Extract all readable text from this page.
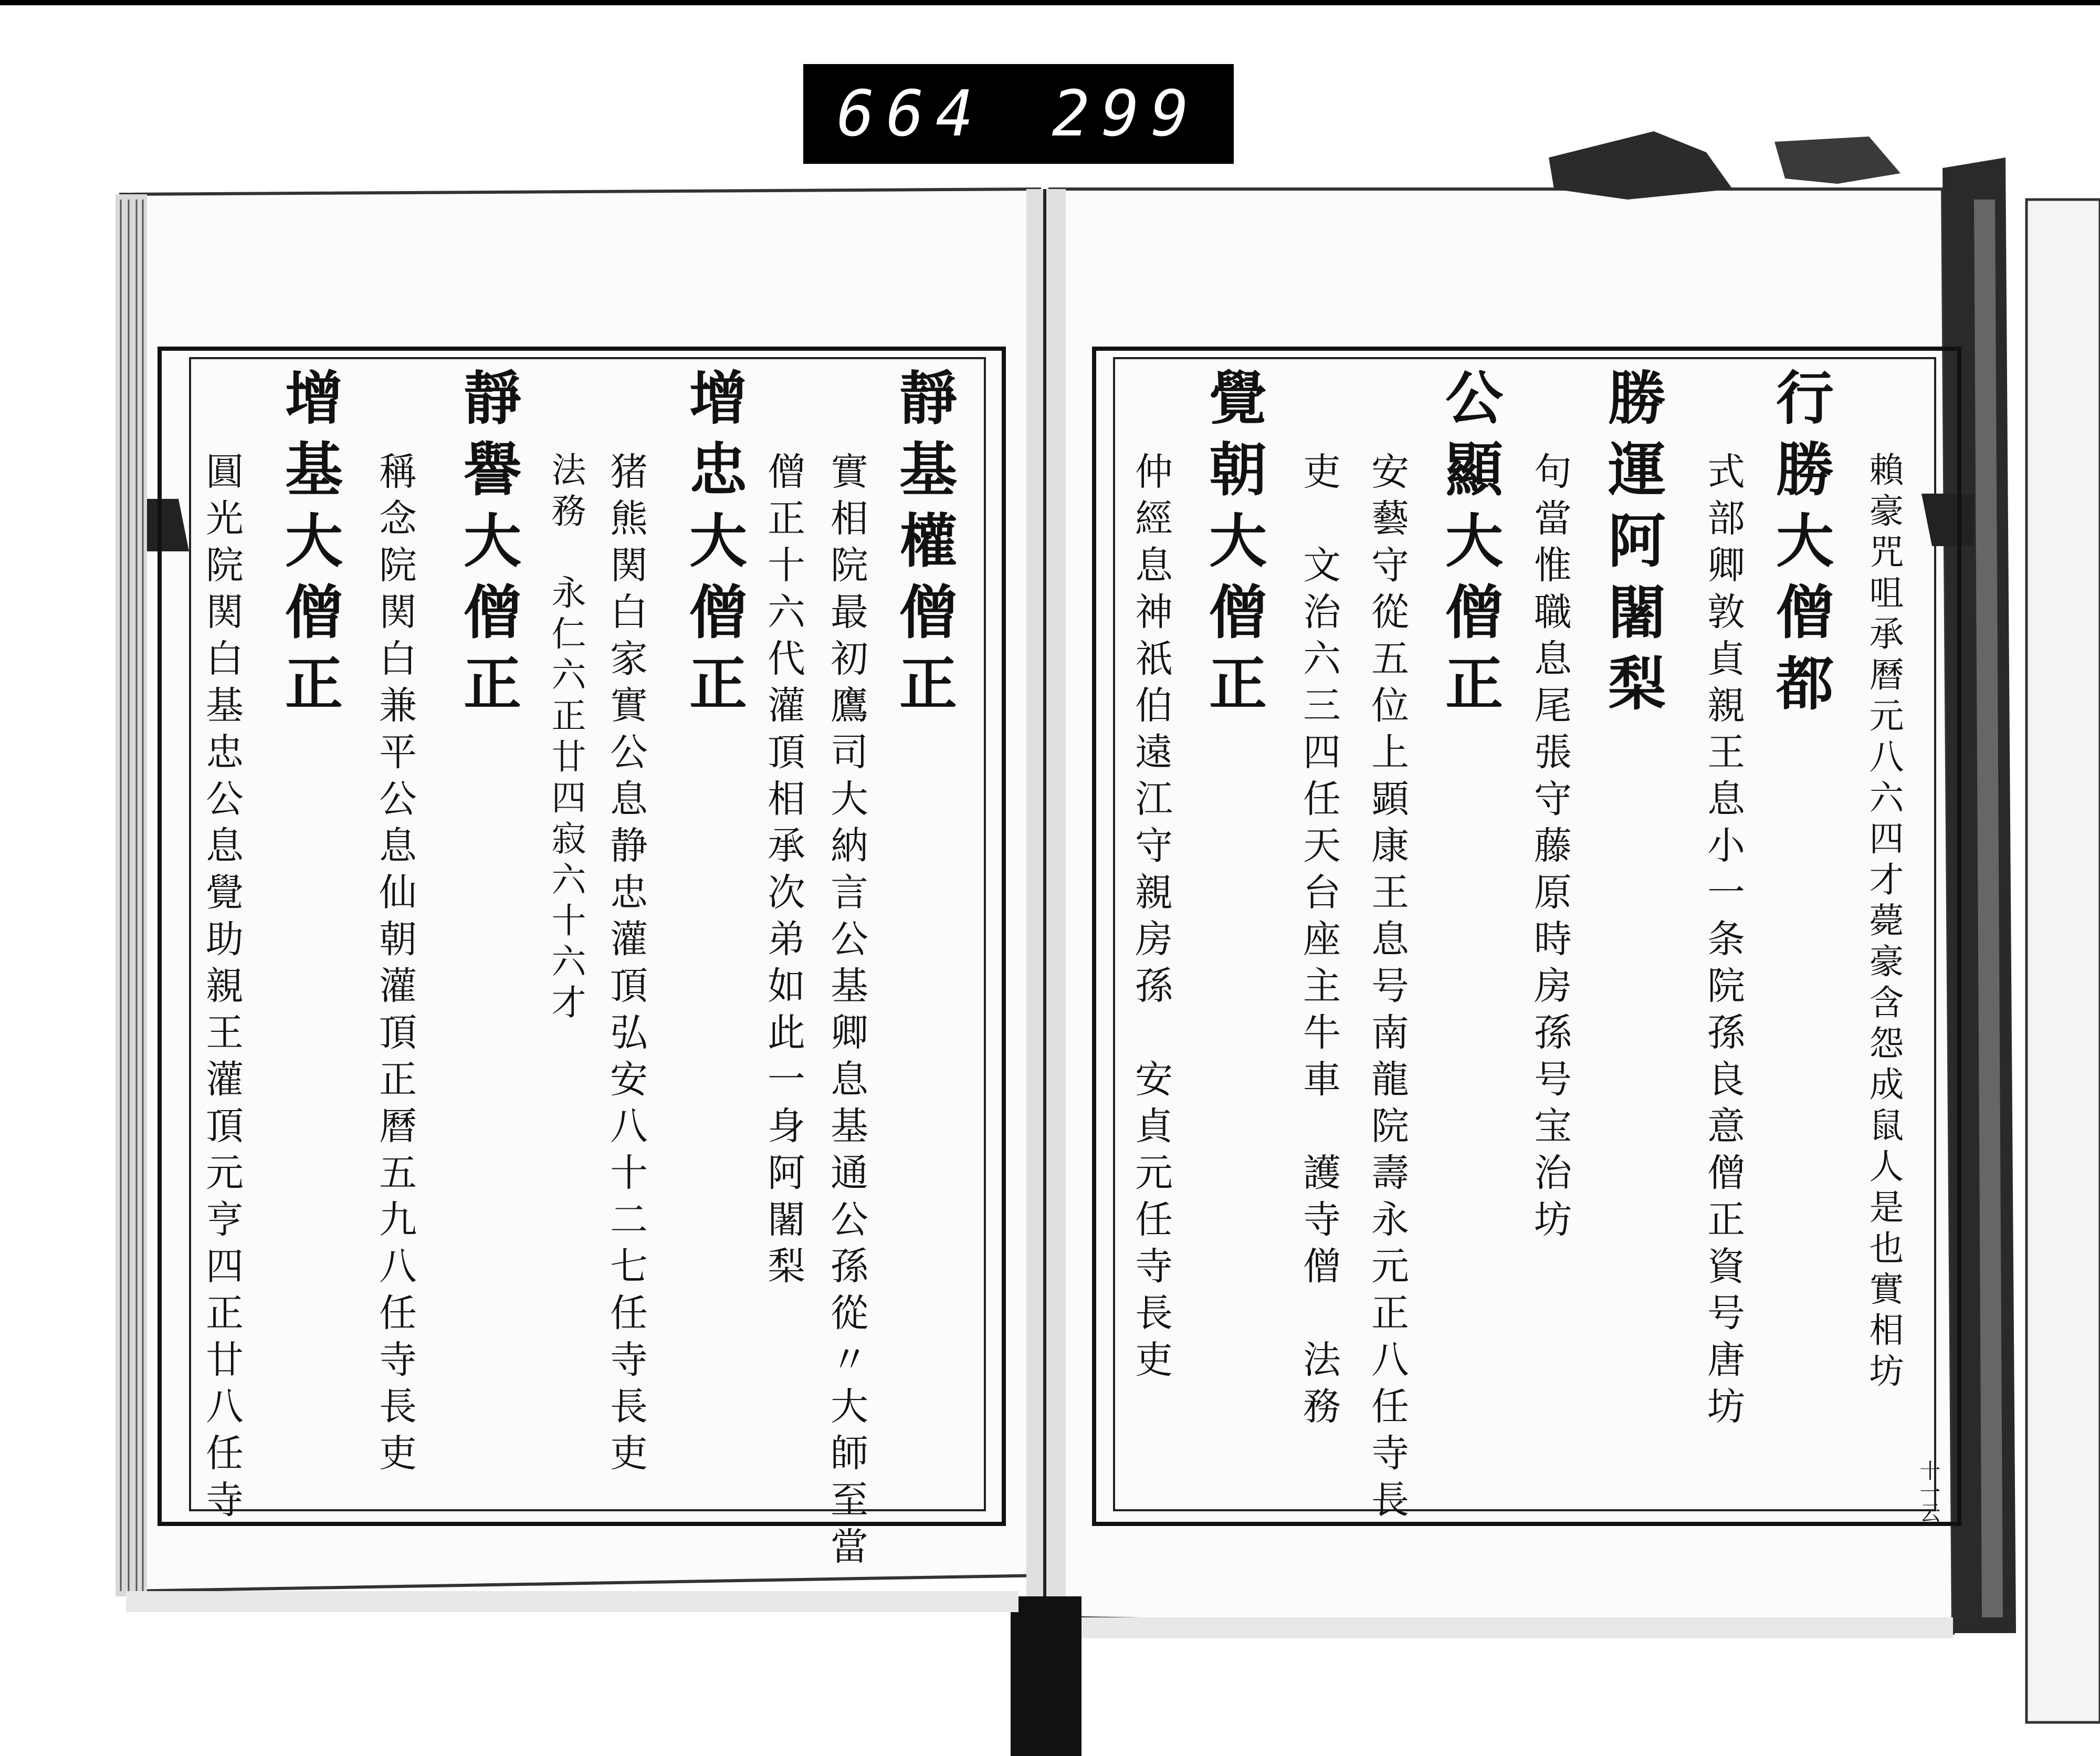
664 299
靜基權僧正
實相院最初鷹司大納言公基卿息基通公孫從〃大師至當
僧正十六代灌頂相承次弟如此一身阿闍梨
增忠大僧正
猪熊関白家實公息静忠灌頂弘安八十二七任寺長吏
法務　永仁六正廿四寂六十六才
靜譽大僧正
稱念院関白兼平公息仙朝灌頂正曆五九八任寺長吏
增基大僧正
圓光院関白基忠公息覺助親王灌頂元亨四正廿八任寺	賴豪咒咀承曆元八六四才薨豪含怨成鼠人是也實相坊
行勝大僧都
式部卿敦貞親王息小一条院孫良意僧正資号唐坊
勝運阿闍梨
句當惟職息尾張守藤原時房孫号宝治坊
公顯大僧正
安藝守從五位上顕康王息号南龍院壽永元正八任寺長
吏　文治六三四任天台座主牛車　護寺僧　法務
覺朝大僧正
仲經息神祇伯遠江守親房孫　安貞元任寺長吏
十一云
